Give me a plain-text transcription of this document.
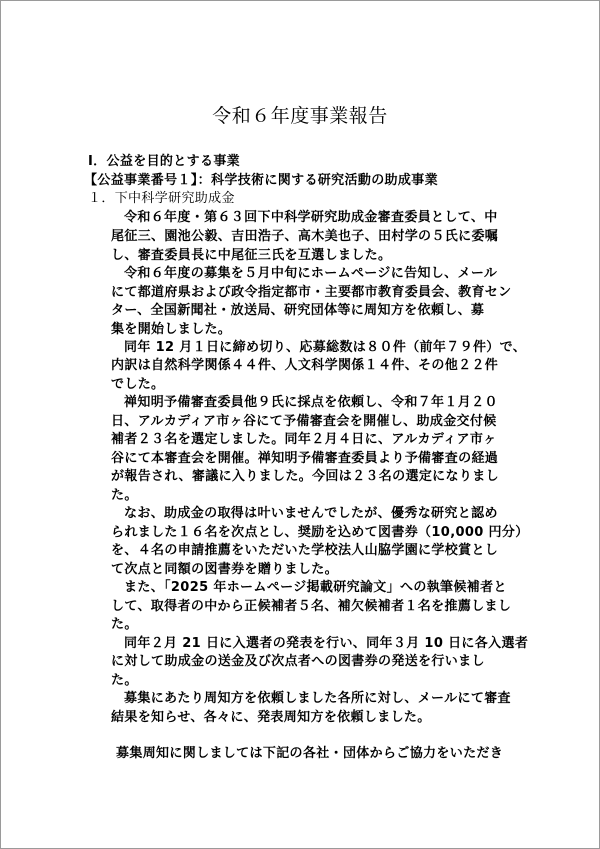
令和６年度事業報告
Ⅰ．公益を目的とする事業
【公益事業番号１】：科学技術に関する研究活動の助成事業
１．下中科学研究助成金
令和６年度・第６３回下中科学研究助成金審査委員として、中
尾征三、園池公毅、吉田浩子、高木美也子、田村学の５氏に委嘱
し、審査委員長に中尾征三氏を互選しました。
令和６年度の募集を５月中旬にホームページに告知し、メール
にて都道府県および政令指定都市・主要都市教育委員会、教育セン
ター、全国新聞社・放送局、研究団体等に周知方を依頼し、募
集を開始しました。
同年 12 月１日に締め切り、応募総数は８０件（前年７９件）で、
内訳は自然科学関係４４件、人文科学関係１４件、その他２２件
でした。
禅知明予備審査委員他９氏に採点を依頼し、令和７年１月２０
日、アルカディア市ヶ谷にて予備審査会を開催し、助成金交付候
補者２３名を選定しました。同年２月４日に、アルカディア市ヶ
谷にて本審査会を開催。禅知明予備審査委員より予備審査の経過
が報告され、審議に入りました。今回は２３名の選定になりまし
た。
なお、助成金の取得は叶いませんでしたが、優秀な研究と認め
られました１６名を次点とし、奨励を込めて図書券（10,000 円分）
を、４名の申請推薦をいただいた学校法人山脇学園に学校賞とし
て次点と同額の図書券を贈りました。
また、「2025 年ホームページ掲載研究論文」への執筆候補者と
して、取得者の中から正候補者５名、補欠候補者１名を推薦しまし
た。
同年２月 21 日に入選者の発表を行い、同年３月 10 日に各入選者
に対して助成金の送金及び次点者への図書券の発送を行いまし
た。
募集にあたり周知方を依頼しました各所に対し、メールにて審査
結果を知らせ、各々に、発表周知方を依頼しました。
募集周知に関しましては下記の各社・団体からご協力をいただき
